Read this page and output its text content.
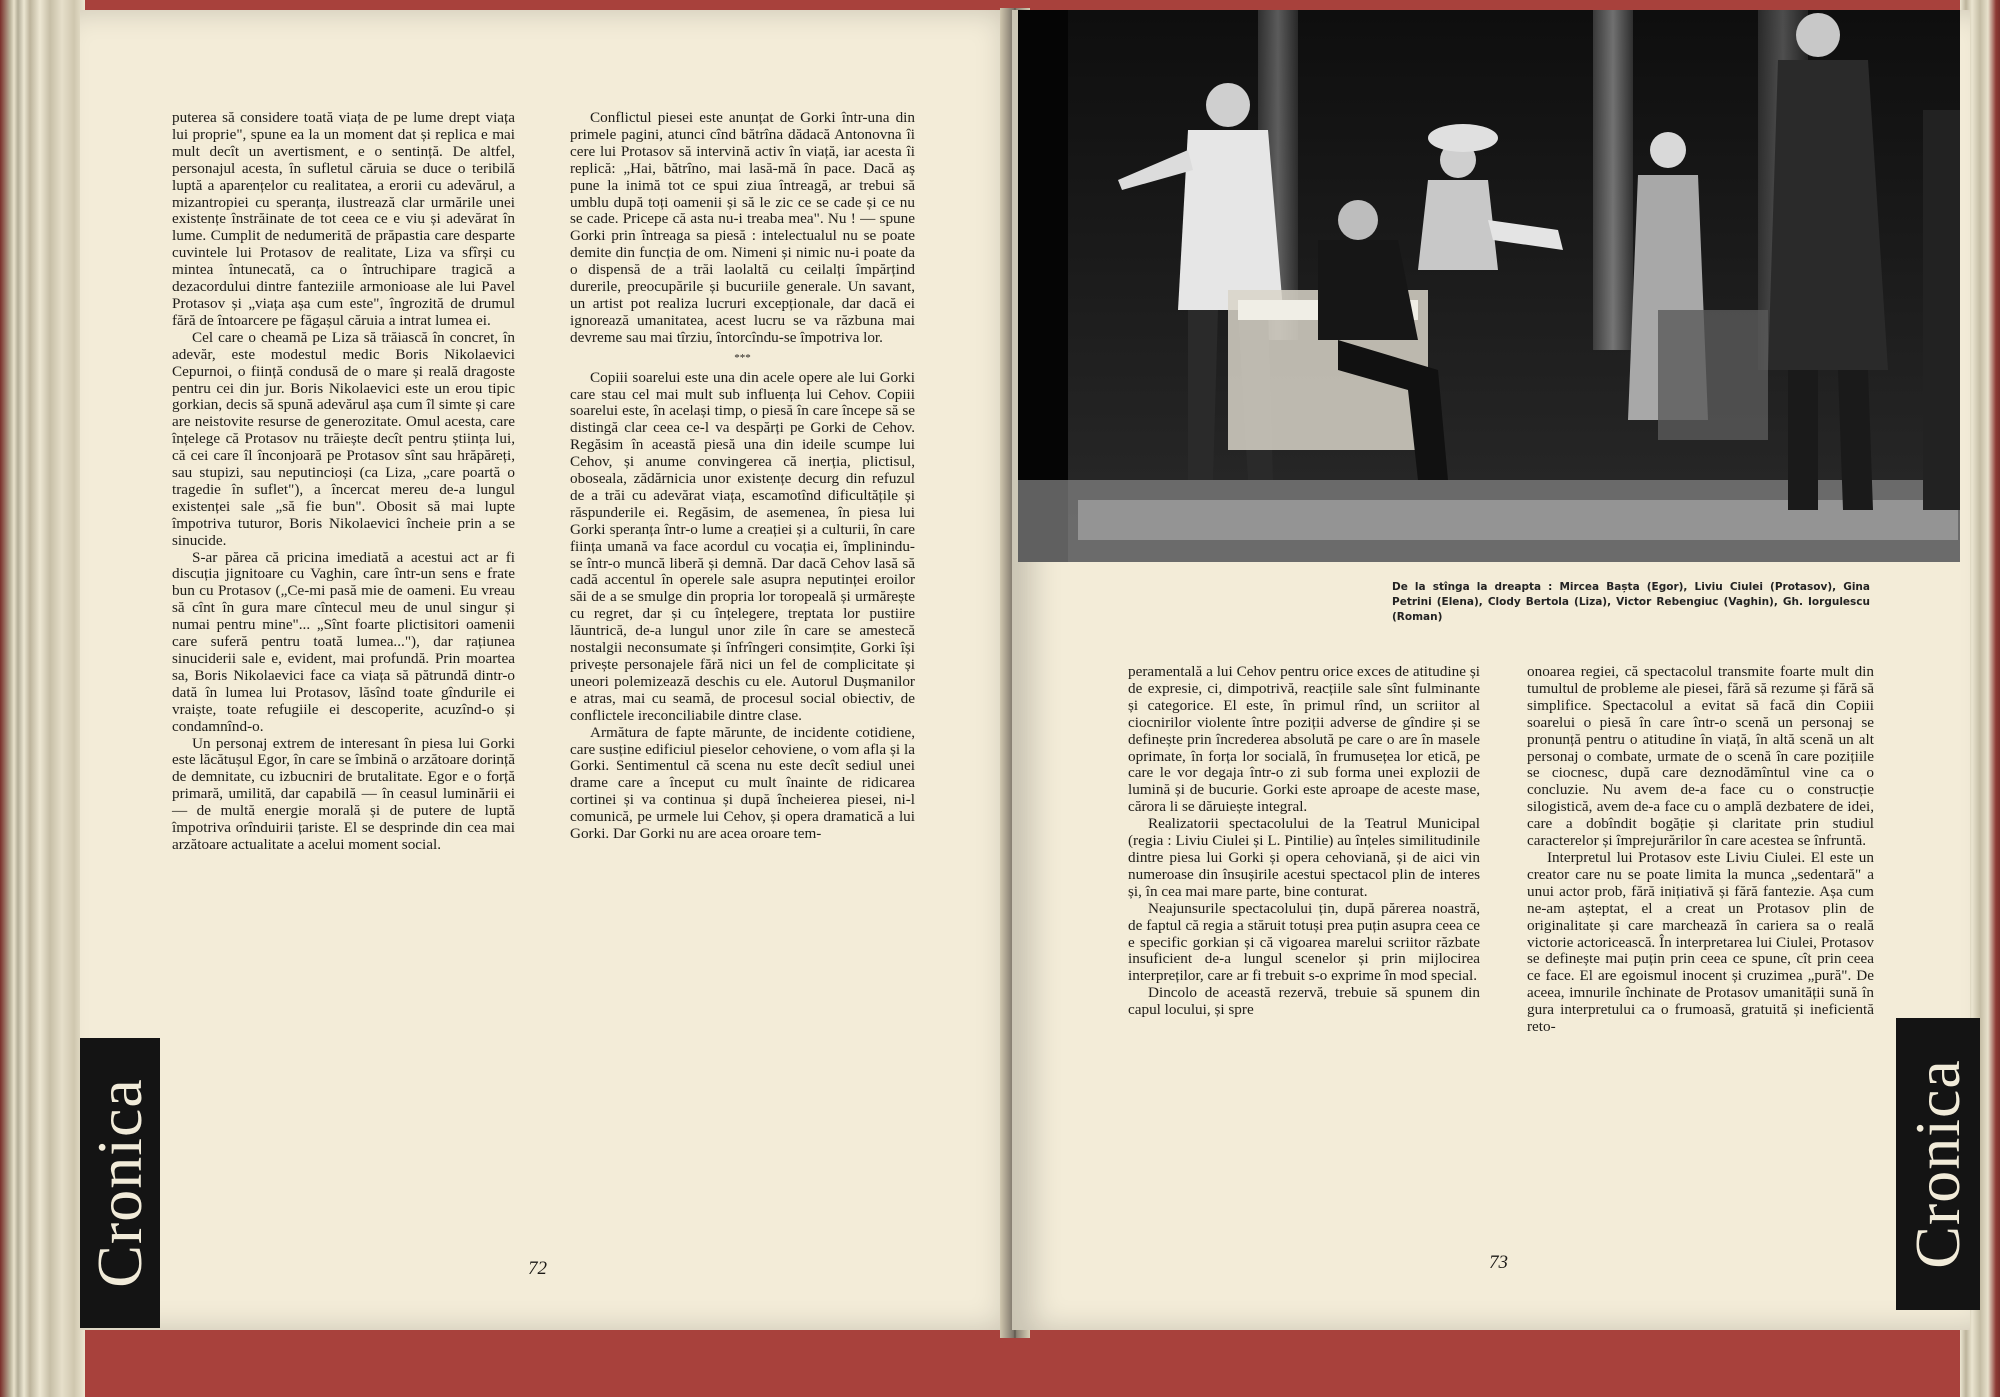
puterea să considere toată viața de pe lume drept viața lui proprie", spune ea la un moment dat și replica e mai mult decît un avertisment, e o sentință. De altfel, personajul acesta, în sufletul căruia se duce o teribilă luptă a aparențelor cu realitatea, a erorii cu adevărul, a mizantropiei cu speranța, ilustrează clar urmările unei existențe înstrăinate de tot ceea ce e viu și adevărat în lume. Cumplit de nedumerită de prăpastia care desparte cuvintele lui Protasov de realitate, Liza va sfîrși cu mintea întunecată, ca o întruchipare tragică a dezacordului dintre fanteziile armonioase ale lui Pavel Protasov și „viața așa cum este", îngrozită de drumul fără de întoarcere pe făgașul căruia a intrat lumea ei.

Cel care o cheamă pe Liza să trăiască în concret, în adevăr, este modestul medic Boris Nikolaevici Cepurnoi, o ființă condusă de o mare și reală dragoste pentru cei din jur. Boris Nikolaevici este un erou tipic gorkian, decis să spună adevărul așa cum îl simte și care are neistovite resurse de generozitate. Omul acesta, care înțelege că Protasov nu trăiește decît pentru știința lui, că cei care îl înconjoară pe Protasov sînt sau hrăpăreți, sau stupizi, sau neputincioși (ca Liza, „care poartă o tragedie în suflet"), a încercat mereu de-a lungul existenței sale „să fie bun". Obosit să mai lupte împotriva tuturor, Boris Nikolaevici încheie prin a se sinucide.

S-ar părea că pricina imediată a acestui act ar fi discuția jignitoare cu Vaghin, care într-un sens e frate bun cu Protasov („Ce-mi pasă mie de oameni. Eu vreau să cînt în gura mare cîntecul meu de unul singur și numai pentru mine"... „Sînt foarte plictisitori oamenii care suferă pentru toată lumea..."), dar rațiunea sinuciderii sale e, evident, mai profundă. Prin moartea sa, Boris Nikolaevici face ca viața să pătrundă dintr-o dată în lumea lui Protasov, lăsînd toate gîndurile ei vraiște, toate refugiile ei descoperite, acuzînd-o și condamnînd-o.

Un personaj extrem de interesant în piesa lui Gorki este lăcătușul Egor, în care se îmbină o arzătoare dorință de demnitate, cu izbucniri de brutalitate. Egor e o forță primară, umilită, dar capabilă — în ceasul luminării ei — de multă energie morală și de putere de luptă împotriva orînduirii țariste. El se desprinde din cea mai arzătoare actualitate a acelui moment social.

Conflictul piesei este anunțat de Gorki într-una din primele pagini, atunci cînd bătrîna dădacă Antonovna îi cere lui Protasov să intervină activ în viață, iar acesta îi replică: „Hai, bătrîno, mai lasă-mă în pace. Dacă aș pune la inimă tot ce spui ziua întreagă, ar trebui să umblu după toți oamenii și să le zic ce se cade și ce nu se cade. Pricepe că asta nu-i treaba mea". Nu ! — spune Gorki prin întreaga sa piesă : intelectualul nu se poate demite din funcția de om. Nimeni și nimic nu-i poate da o dispensă de a trăi laolaltă cu ceilalți împărțind durerile, preocupările și bucuriile generale. Un savant, un artist pot realiza lucruri excepționale, dar dacă ei ignorează umanitatea, acest lucru se va răzbuna mai devreme sau mai tîrziu, întorcîndu-se împotriva lor.

***

Copiii soarelui este una din acele opere ale lui Gorki care stau cel mai mult sub influența lui Cehov. Copiii soarelui este, în același timp, o piesă în care începe să se distingă clar ceea ce-l va despărți pe Gorki de Cehov. Regăsim în această piesă una din ideile scumpe lui Cehov, și anume convingerea că inerția, plictisul, oboseala, zădărnicia unor existențe decurg din refuzul de a trăi cu adevărat viața, escamotînd dificultățile și răspunderile ei. Regăsim, de asemenea, în piesa lui Gorki speranța într-o lume a creației și a culturii, în care ființa umană va face acordul cu vocația ei, împlinindu-se într-o muncă liberă și demnă. Dar dacă Cehov lasă să cadă accentul în operele sale asupra neputinței eroilor săi de a se smulge din propria lor toropeală și urmărește cu regret, dar și cu înțelegere, treptata lor pustiire lăuntrică, de-a lungul unor zile în care se amestecă nostalgii neconsumate și înfrîngeri consimțite, Gorki își privește personajele fără nici un fel de complicitate și uneori polemizează deschis cu ele. Autorul Dușmanilor e atras, mai cu seamă, de procesul social obiectiv, de conflictele ireconciliabile dintre clase.

Armătura de fapte mărunte, de incidente cotidiene, care susține edificiul pieselor cehoviene, o vom afla și la Gorki. Sentimentul că scena nu este decît sediul unei drame care a început cu mult înainte de ridicarea cortinei și va continua și după încheierea piesei, ni-l comunică, pe urmele lui Cehov, și opera dramatică a lui Gorki. Dar Gorki nu are acea oroare tem-

Cronica	72
De la stînga la dreapta : Mircea Bașta (Egor), Liviu Ciulei (Protasov), Gina Petrini (Elena), Clody Bertola (Liza), Victor Rebengiuc (Vaghin), Gh. Iorgulescu (Roman)

peramentală a lui Cehov pentru orice exces de atitudine și de expresie, ci, dimpotrivă, reacțiile sale sînt fulminante și categorice. El este, în primul rînd, un scriitor al ciocnirilor violente între poziții adverse de gîndire și se definește prin încrederea absolută pe care o are în masele oprimate, în forța lor socială, în frumusețea lor etică, pe care le vor degaja într-o zi sub forma unei explozii de lumină și de bucurie. Gorki este aproape de aceste mase, cărora li se dăruiește integral.

Realizatorii spectacolului de la Teatrul Municipal (regia : Liviu Ciulei și L. Pintilie) au înțeles similitudinile dintre piesa lui Gorki și opera cehoviană, și de aici vin numeroase din însușirile acestui spectacol plin de interes și, în cea mai mare parte, bine conturat.

Neajunsurile spectacolului țin, după părerea noastră, de faptul că regia a stăruit totuși prea puțin asupra ceea ce e specific gorkian și că vigoarea marelui scriitor răzbate insuficient de-a lungul scenelor și prin mijlocirea interpreților, care ar fi trebuit s-o exprime în mod special.

Dincolo de această rezervă, trebuie să spunem din capul locului, și spre

onoarea regiei, că spectacolul transmite foarte mult din tumultul de probleme ale piesei, fără să rezume și fără să simplifice. Spectacolul a evitat să facă din Copiii soarelui o piesă în care într-o scenă un personaj se pronunță pentru o atitudine în viață, în altă scenă un alt personaj o combate, urmate de o scenă în care pozițiile se ciocnesc, după care deznodămîntul vine ca o concluzie. Nu avem de-a face cu o construcție silogistică, avem de-a face cu o amplă dezbatere de idei, care a dobîndit bogăție și claritate prin studiul caracterelor și împrejurărilor în care acestea se înfruntă.

Interpretul lui Protasov este Liviu Ciulei. El este un creator care nu se poate limita la munca „sedentară" a unui actor prob, fără inițiativă și fără fantezie. Așa cum ne-am așteptat, el a creat un Protasov plin de originalitate și care marchează în cariera sa o reală victorie actoricească. În interpretarea lui Ciulei, Protasov se definește mai puțin prin ceea ce spune, cît prin ceea ce face. El are egoismul inocent și cruzimea „pură". De aceea, imnurile închinate de Protasov umanității sună în gura interpretului ca o frumoasă, gratuită și ineficientă reto-

Cronica
73
